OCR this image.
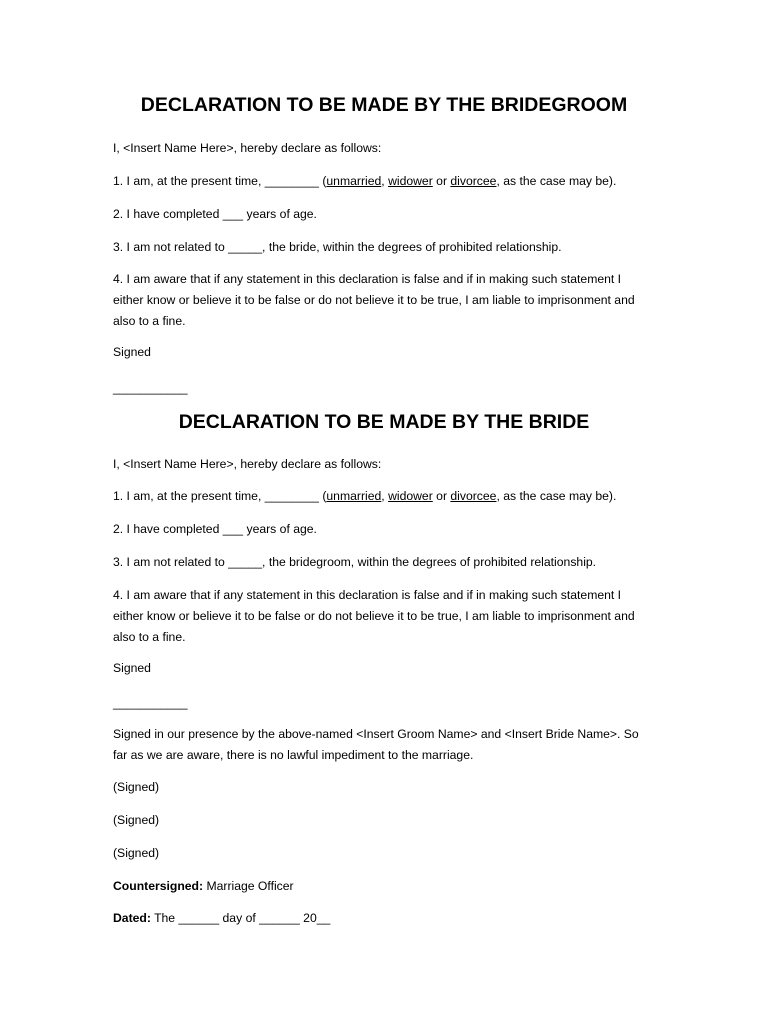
DECLARATION TO BE MADE BY THE BRIDEGROOM
I, <Insert Name Here>, hereby declare as follows:
1. I am, at the present time, ________ (unmarried, widower or divorcee, as the case may be).
2. I have completed ___ years of age.
3. I am not related to _____, the bride, within the degrees of prohibited relationship.
4. I am aware that if any statement in this declaration is false and if in making such statement I either know or believe it to be false or do not believe it to be true, I am liable to imprisonment and also to a fine.
Signed
___________
DECLARATION TO BE MADE BY THE BRIDE
I, <Insert Name Here>, hereby declare as follows:
1. I am, at the present time, ________ (unmarried, widower or divorcee, as the case may be).
2. I have completed ___ years of age.
3. I am not related to _____, the bridegroom, within the degrees of prohibited relationship.
4. I am aware that if any statement in this declaration is false and if in making such statement I either know or believe it to be false or do not believe it to be true, I am liable to imprisonment and also to a fine.
Signed
___________
Signed in our presence by the above-named <Insert Groom Name> and <Insert Bride Name>. So far as we are aware, there is no lawful impediment to the marriage.
(Signed)
(Signed)
(Signed)
Countersigned: Marriage Officer
Dated: The ______ day of ______ 20__
